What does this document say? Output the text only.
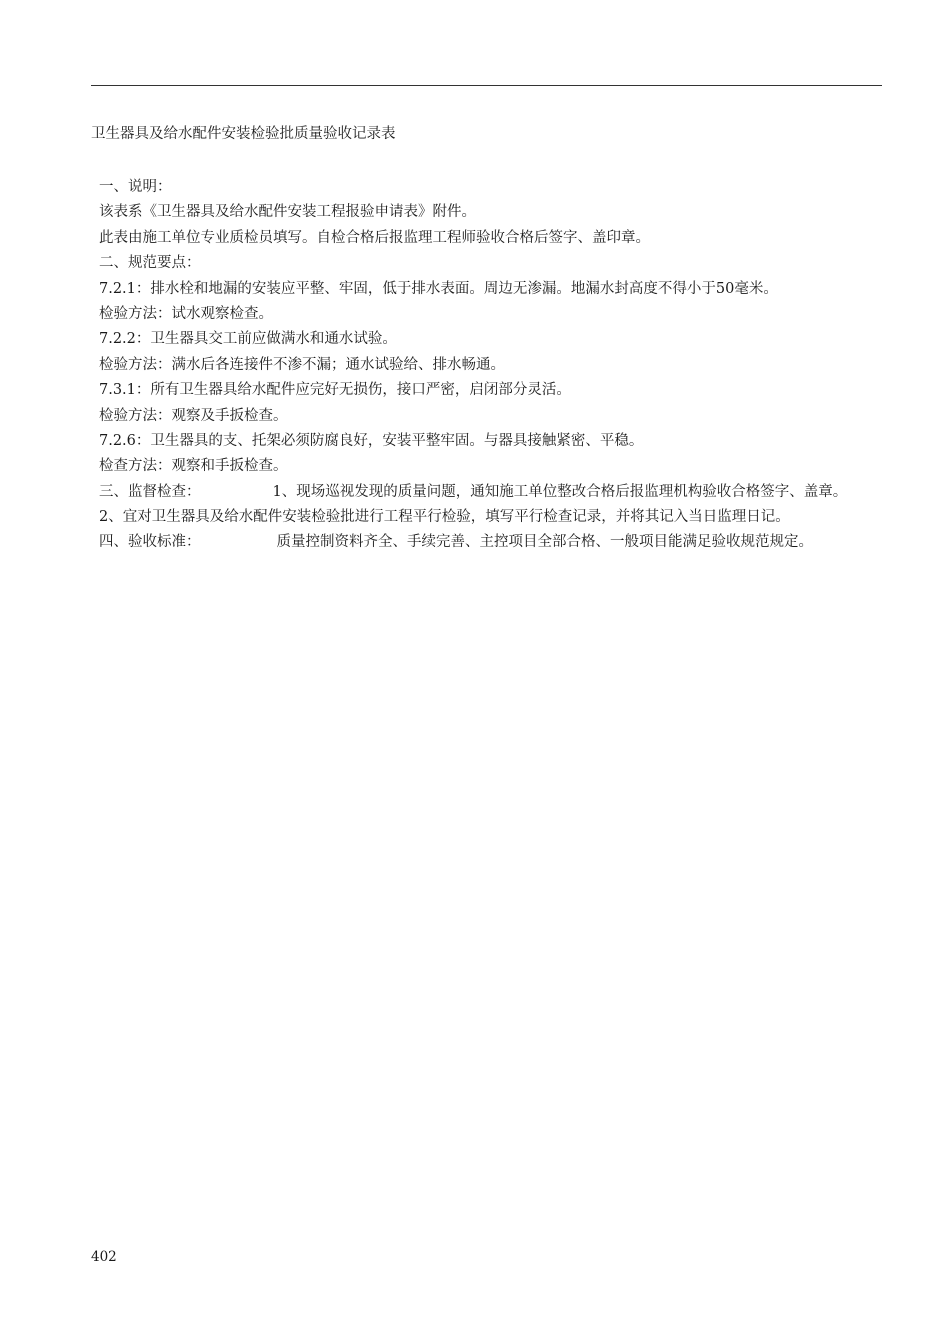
卫生器具及给水配件安装检验批质量验收记录表
一、说明：
该表系《卫生器具及给水配件安装工程报验申请表》附件。
此表由施工单位专业质检员填写。自检合格后报监理工程师验收合格后签字、盖印章。
二、规范要点：
7.2.1：排水栓和地漏的安装应平整、牢固，低于排水表面。周边无渗漏。地漏水封高度不得小于50毫米。
检验方法：试水观察检查。
7.2.2：卫生器具交工前应做满水和通水试验。
检验方法：满水后各连接件不渗不漏；通水试验给、排水畅通。
7.3.1：所有卫生器具给水配件应完好无损伤，接口严密，启闭部分灵活。
检验方法：观察及手扳检查。
7.2.6：卫生器具的支、托架必须防腐良好，安装平整牢固。与器具接触紧密、平稳。
检查方法：观察和手扳检查。
三、监督检查：	1、现场巡视发现的质量问题，通知施工单位整改合格后报监理机构验收合格签字、盖章。
2、宜对卫生器具及给水配件安装检验批进行工程平行检验，填写平行检查记录，并将其记入当日监理日记。
四、验收标准：	质量控制资料齐全、手续完善、主控项目全部合格、一般项目能满足验收规范规定。
402
